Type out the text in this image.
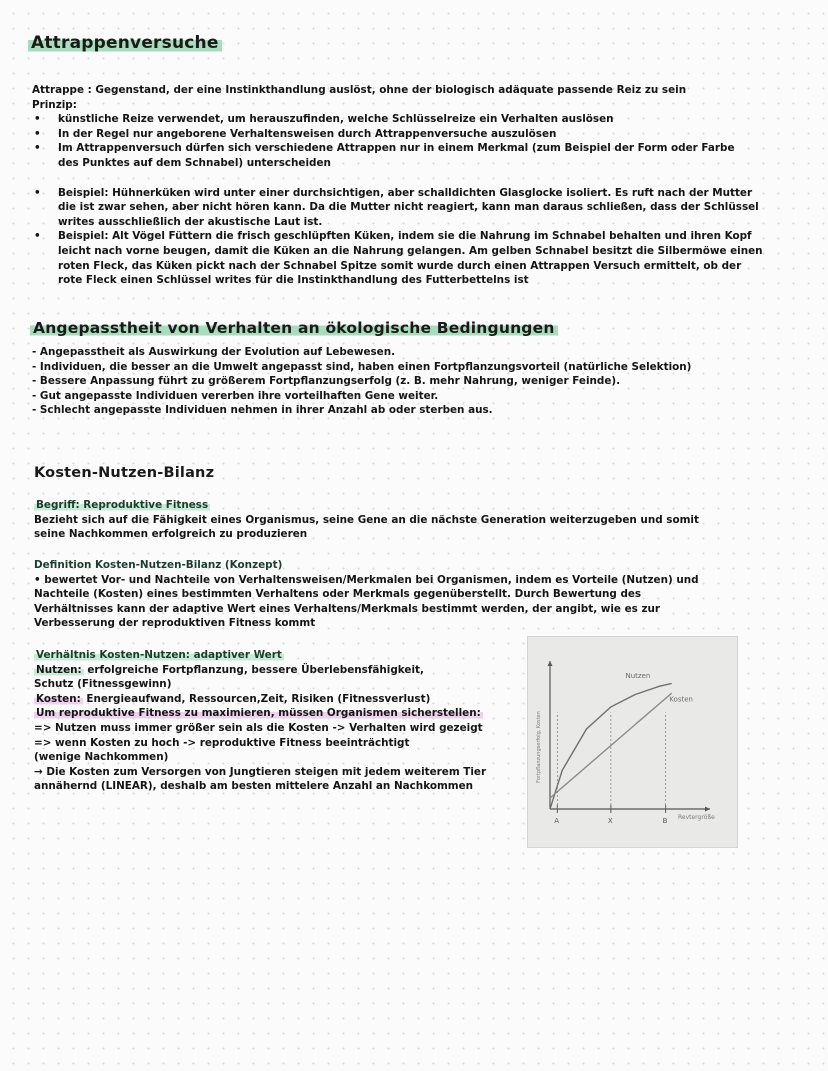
Attrappenversuche
Attrappe : Gegenstand, der eine Instinkthandlung auslöst, ohne der biologisch adäquate passende Reiz zu sein
Prinzip:
• künstliche Reize verwendet, um herauszufinden, welche Schlüsselreize ein Verhalten auslösen
• In der Regel nur angeborene Verhaltensweisen durch Attrappenversuche auszulösen
• Im Attrappenversuch dürfen sich verschiedene Attrappen nur in einem Merkmal (zum Beispiel der Form oder Farbe
des Punktes auf dem Schnabel) unterscheiden
• Beispiel: Hühnerküken wird unter einer durchsichtigen, aber schalldichten Glasglocke isoliert. Es ruft nach der Mutter
die ist zwar sehen, aber nicht hören kann. Da die Mutter nicht reagiert, kann man daraus schließen, dass der Schlüssel
writes ausschließlich der akustische Laut ist.
• Beispiel: Alt Vögel Füttern die frisch geschlüpften Küken, indem sie die Nahrung im Schnabel behalten und ihren Kopf
leicht nach vorne beugen, damit die Küken an die Nahrung gelangen. Am gelben Schnabel besitzt die Silbermöwe einen
roten Fleck, das Küken pickt nach der Schnabel Spitze somit wurde durch einen Attrappen Versuch ermittelt, ob der
rote Fleck einen Schlüssel writes für die Instinkthandlung des Futterbettelns ist
Angepasstheit von Verhalten an ökologische Bedingungen
- Angepasstheit als Auswirkung der Evolution auf Lebewesen.
- Individuen, die besser an die Umwelt angepasst sind, haben einen Fortpflanzungsvorteil (natürliche Selektion)
- Bessere Anpassung führt zu größerem Fortpflanzungserfolg (z. B. mehr Nahrung, weniger Feinde).
- Gut angepasste Individuen vererben ihre vorteilhaften Gene weiter.
- Schlecht angepasste Individuen nehmen in ihrer Anzahl ab oder sterben aus.
Kosten-Nutzen-Bilanz
Begriff: Reproduktive Fitness
Bezieht sich auf die Fähigkeit eines Organismus, seine Gene an die nächste Generation weiterzugeben und somit
seine Nachkommen erfolgreich zu produzieren
Definition Kosten-Nutzen-Bilanz (Konzept)
• bewertet Vor- und Nachteile von Verhaltensweisen/Merkmalen bei Organismen, indem es Vorteile (Nutzen) und
Nachteile (Kosten) eines bestimmten Verhaltens oder Merkmals gegenüberstellt. Durch Bewertung des
Verhältnisses kann der adaptive Wert eines Verhaltens/Merkmals bestimmt werden, der angibt, wie es zur
Verbesserung der reproduktiven Fitness kommt
Verhältnis Kosten-Nutzen: adaptiver Wert
Nutzen: erfolgreiche Fortpflanzung, bessere Überlebensfähigkeit,
Schutz (Fitnessgewinn)
Kosten: Energieaufwand, Ressourcen,Zeit, Risiken (Fitnessverlust)
Um reproduktive Fitness zu maximieren, müssen Organismen sicherstellen:
=> Nutzen muss immer größer sein als die Kosten -> Verhalten wird gezeigt
=> wenn Kosten zu hoch -> reproduktive Fitness beeinträchtigt
(wenige Nachkommen)
→ Die Kosten zum Versorgen von Jungtieren steigen mit jedem weiterem Tier
annähernd (LINEAR), deshalb am besten mittelere Anzahl an Nachkommen
Nutzen
Kosten
A	X	B
Fortpflanzungserfolg, Kosten
Revtergröße
